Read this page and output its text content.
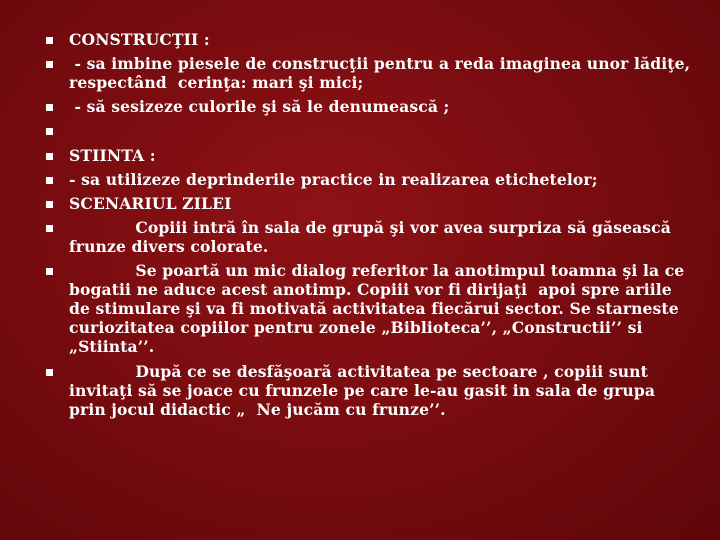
CONSTRUCŢII :
- sa imbine piesele de construcţii pentru a reda imaginea unor lădiţe, respectând  cerinţa: mari şi mici;
- să sesizeze culorile şi să le denumească ;
STIINTA :
- sa utilizeze deprinderile practice in realizarea etichetelor;
SCENARIUL ZILEI
Copiii intră în sala de grupă şi vor avea surpriza să găsească frunze divers colorate.
Se poartă un mic dialog referitor la anotimpul toamna şi la ce bogatii ne aduce acest anotimp. Copiii vor fi dirijaţi  apoi spre ariile de stimulare şi va fi motivată activitatea fiecărui sector. Se starneste curiozitatea copiilor pentru zonele „Biblioteca’’, „Constructii’’ si „Stiinta’’.
După ce se desfăşoară activitatea pe sectoare , copiii sunt invitaţi să se joace cu frunzele pe care le-au gasit in sala de grupa prin jocul didactic „  Ne jucăm cu frunze’’.
